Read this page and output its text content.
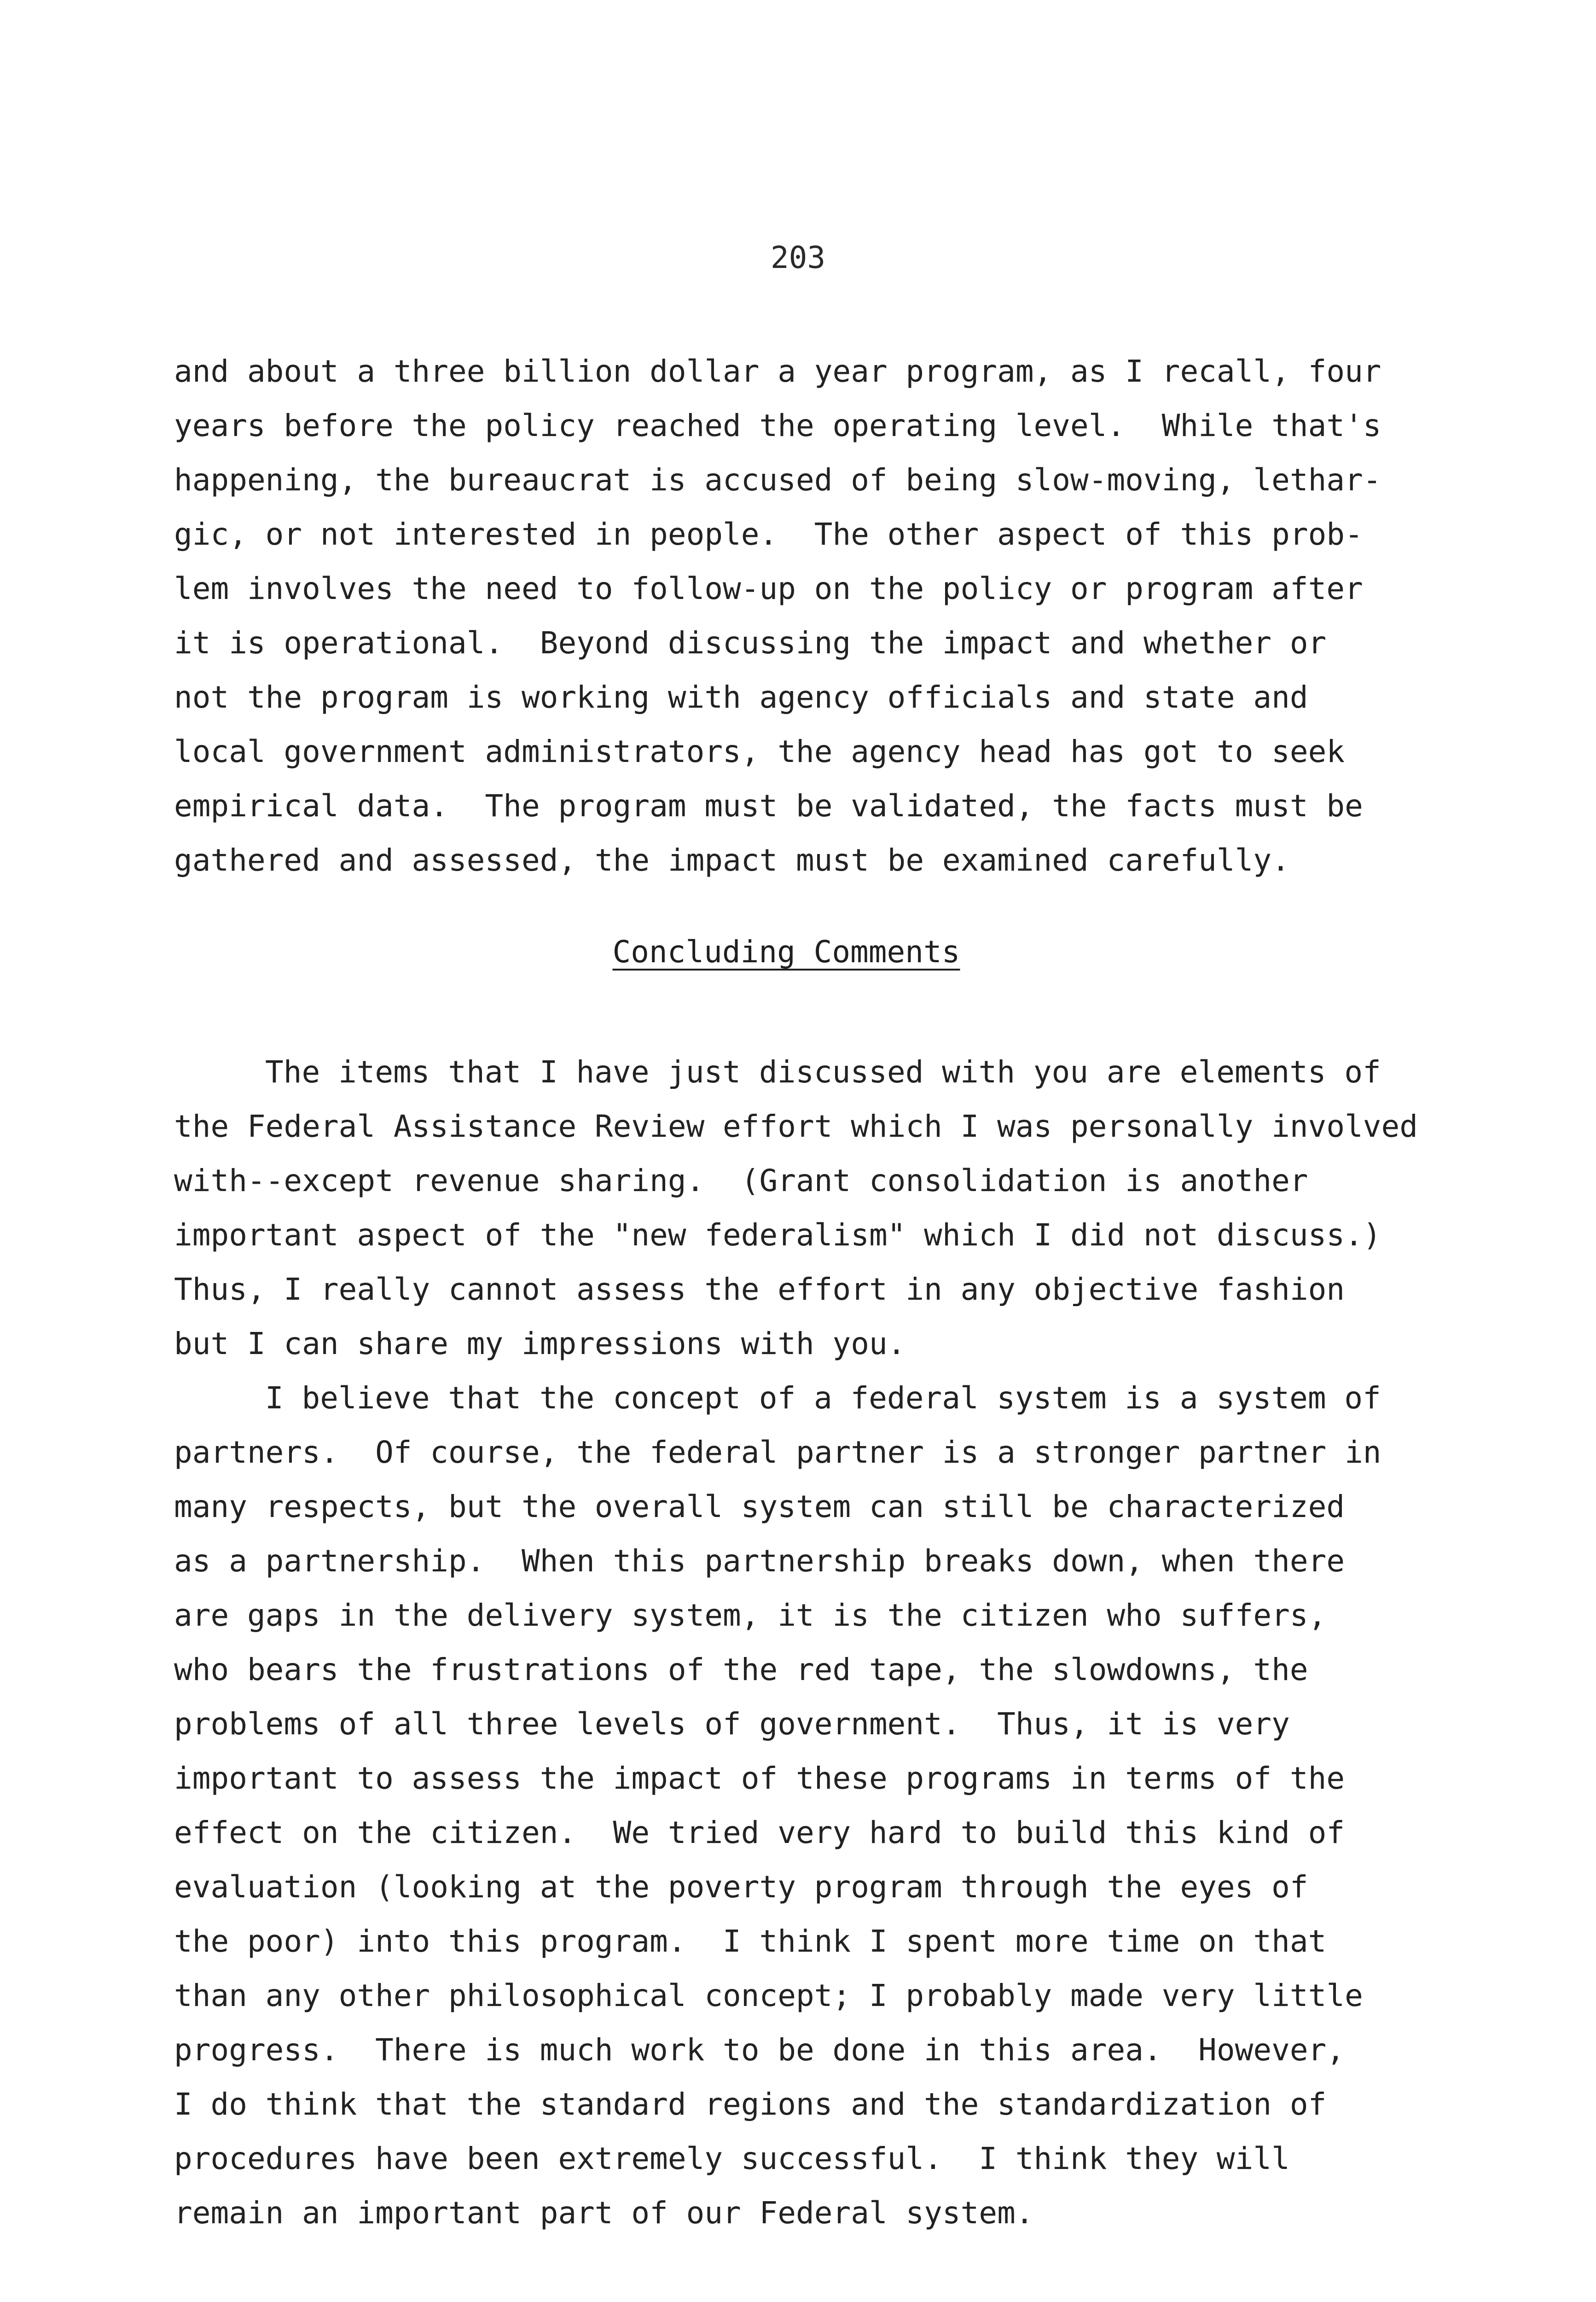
203
and about a three billion dollar a year program, as I recall, four
years before the policy reached the operating level.  While that's
happening, the bureaucrat is accused of being slow-moving, lethar-
gic, or not interested in people.  The other aspect of this prob-
lem involves the need to follow-up on the policy or program after
it is operational.  Beyond discussing the impact and whether or
not the program is working with agency officials and state and
local government administrators, the agency head has got to seek
empirical data.  The program must be validated, the facts must be
gathered and assessed, the impact must be examined carefully.
Concluding Comments
The items that I have just discussed with you are elements of
the Federal Assistance Review effort which I was personally involved
with--except revenue sharing.  (Grant consolidation is another
important aspect of the "new federalism" which I did not discuss.)
Thus, I really cannot assess the effort in any objective fashion
but I can share my impressions with you.
I believe that the concept of a federal system is a system of
partners.  Of course, the federal partner is a stronger partner in
many respects, but the overall system can still be characterized
as a partnership.  When this partnership breaks down, when there
are gaps in the delivery system, it is the citizen who suffers,
who bears the frustrations of the red tape, the slowdowns, the
problems of all three levels of government.  Thus, it is very
important to assess the impact of these programs in terms of the
effect on the citizen.  We tried very hard to build this kind of
evaluation (looking at the poverty program through the eyes of
the poor) into this program.  I think I spent more time on that
than any other philosophical concept; I probably made very little
progress.  There is much work to be done in this area.  However,
I do think that the standard regions and the standardization of
procedures have been extremely successful.  I think they will
remain an important part of our Federal system.
